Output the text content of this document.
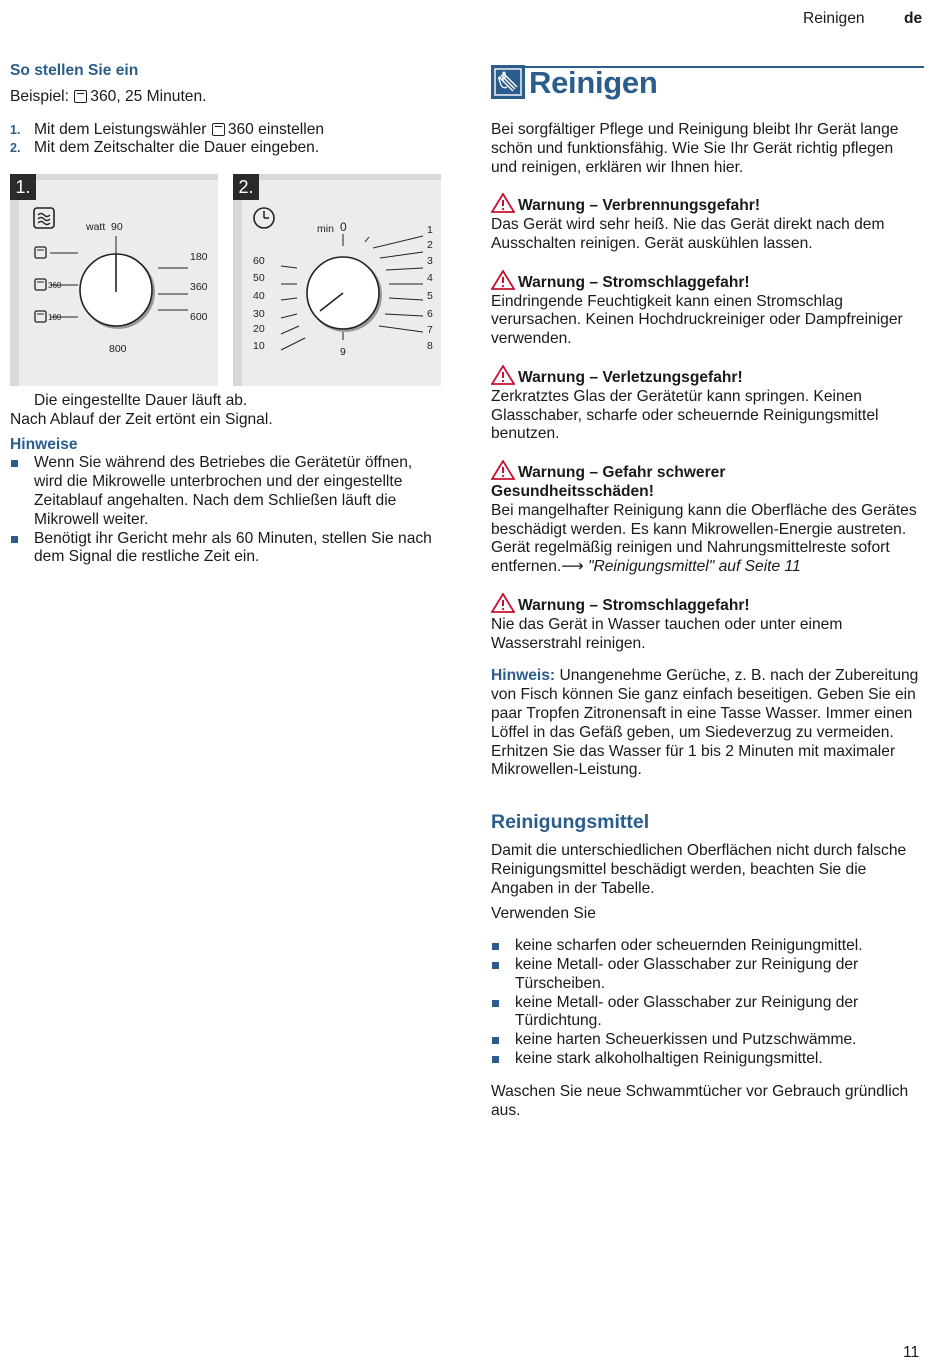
Reinigen	de
So stellen Sie ein
Beispiel: 360, 25 Minuten.
1. Mit dem Leistungswähler 360 einstellen
2. Mit dem Zeitschalter die Dauer eingeben.
1.
watt 90
180
360
600
360
180
800
2.
min 0
60
50
40
30
20
10
1
2
3
4
5
6
7
8
9
Die eingestellte Dauer läuft ab.
Nach Ablauf der Zeit ertönt ein Signal.
Hinweise
Wenn Sie während des Betriebes die Gerätetür öffnen, wird die Mikrowelle unterbrochen und der eingestellte Zeitablauf angehalten. Nach dem Schließen läuft die Mikrowell weiter.
Benötigt ihr Gericht mehr als 60 Minuten, stellen Sie nach dem Signal die restliche Zeit ein.
Reinigen

Bei sorgfältiger Pflege und Reinigung bleibt Ihr Gerät lange schön und funktionsfähig. Wie Sie Ihr Gerät richtig pflegen und reinigen, erklären wir Ihnen hier.

Warnung – Verbrennungsgefahr!
Das Gerät wird sehr heiß. Nie das Gerät direkt nach dem Ausschalten reinigen. Gerät auskühlen lassen.
Warnung – Stromschlaggefahr!
Eindringende Feuchtigkeit kann einen Stromschlag verursachen. Keinen Hochdruckreiniger oder Dampfreiniger verwenden.
Warnung – Verletzungsgefahr!
Zerkratztes Glas der Gerätetür kann springen. Keinen Glasschaber, scharfe oder scheuernde Reinigungsmittel benutzen.
Warnung – Gefahr schwerer
Gesundheitsschäden!
Bei mangelhafter Reinigung kann die Oberfläche des Gerätes beschädigt werden. Es kann Mikrowellen-Energie austreten. Gerät regelmäßig reinigen und Nahrungsmittelreste sofort
entfernen.⟶ "Reinigungsmittel" auf Seite 11
Warnung – Stromschlaggefahr!
Nie das Gerät in Wasser tauchen oder unter einem Wasserstrahl reinigen.

Hinweis: Unangenehme Gerüche, z. B. nach der Zubereitung von Fisch können Sie ganz einfach beseitigen. Geben Sie ein paar Tropfen Zitronensaft in eine Tasse Wasser. Immer einen Löffel in das Gefäß geben, um Siedeverzug zu vermeiden. Erhitzen Sie das Wasser für 1 bis 2 Minuten mit maximaler Mikrowellen-Leistung.

Reinigungsmittel

Damit die unterschiedlichen Oberflächen nicht durch falsche Reinigungsmittel beschädigt werden, beachten Sie die Angaben in der Tabelle.

Verwenden Sie

keine scharfen oder scheuernden Reinigungmittel.
keine Metall- oder Glasschaber zur Reinigung der Türscheiben.
keine Metall- oder Glasschaber zur Reinigung der Türdichtung.
keine harten Scheuerkissen und Putzschwämme.
keine stark alkoholhaltigen Reinigungsmittel.

Waschen Sie neue Schwammtücher vor Gebrauch gründlich aus.

11
